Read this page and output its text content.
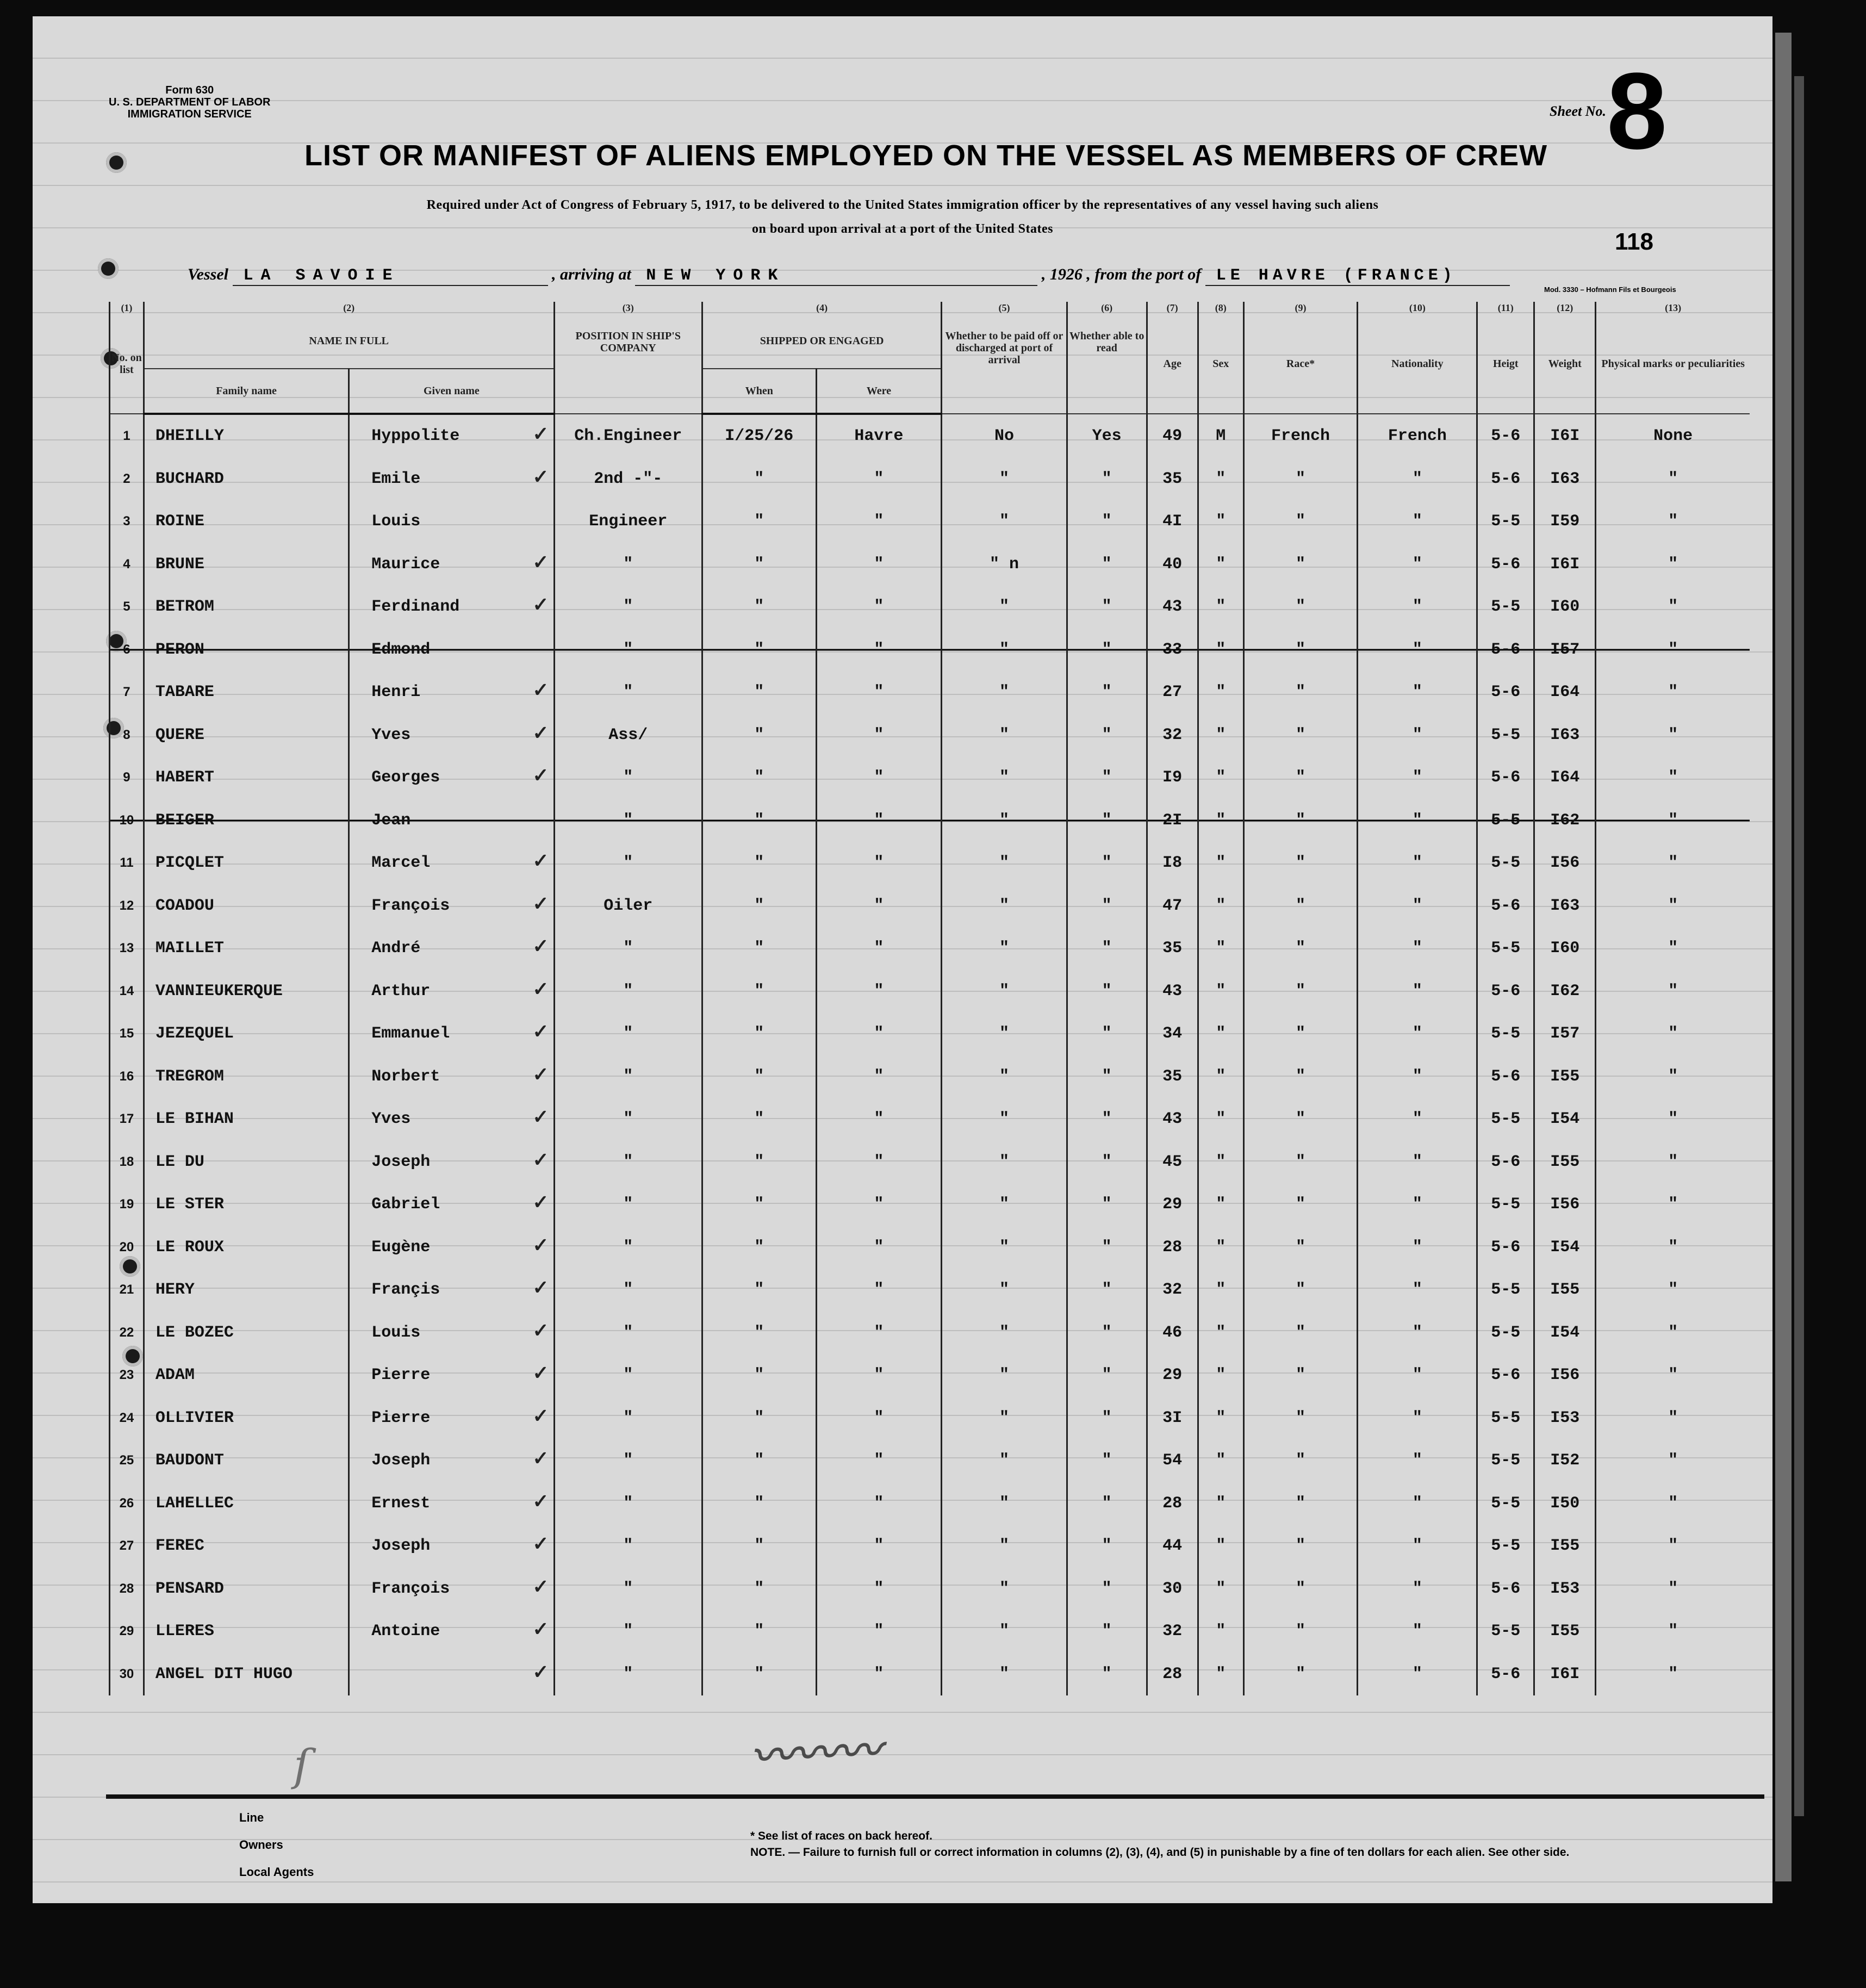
Form 630
U. S. DEPARTMENT OF LABOR
IMMIGRATION SERVICE	Sheet No. 8
LIST OR MANIFEST OF ALIENS EMPLOYED ON THE VESSEL AS MEMBERS OF CREW
Required under Act of Congress of February 5, 1917, to be delivered to the United States immigration officer by the representatives of any vessel having such aliens
on board upon arrival at a port of the United States	118
Vessel LA SAVOIE	, arriving at NEW YORK	, 1926 , from the port of LE HAVRE (FRANCE)
Mod. 3330 – Hofmann Fils et Bourgeois
(1)	(2)		(3)	(4)		(5)	(6)	(7)	(8)	(9)	(10)	(11)	(12)	(13)
No. on list	NAME IN FULL		POSITION IN SHIP'S COMPANY	SHIPPED OR ENGAGED		Whether to be paid off or discharged at port of arrival	Whether able to read	Age	Sex	Race*	Nationality	Heigt	Weight	Physical marks or peculiarities
	Family name	Given name		When	Were									
1	DHEILLY	Hyppolite ✓	Ch.Engineer	I/25/26	Havre	No	Yes	49	M	French	French	5-6	I6I	None
2	BUCHARD	Emile ✓	2nd -"-	"	"	"	"	35	"	"	"	5-6	I63	"
3	ROINE	Louis	Engineer	"	"	"	"	4I	"	"	"	5-5	I59	"
4	BRUNE	Maurice ✓	"	"	"	" n	"	40	"	"	"	5-6	I6I	"
5	BETROM	Ferdinand ✓	"	"	"	"	"	43	"	"	"	5-5	I60	"
6	PERON	Edmond	"	"	"	"	"	33	"	"	"	5-6	I57	"
7	TABARE	Henri ✓	"	"	"	"	"	27	"	"	"	5-6	I64	"
8	QUERE	Yves ✓	Ass/	"	"	"	"	32	"	"	"	5-5	I63	"
9	HABERT	Georges ✓	"	"	"	"	"	I9	"	"	"	5-6	I64	"
10	BEIGER	Jean	"	"	"	"	"	2I	"	"	"	5-5	I62	"
11	PICQLET	Marcel ✓	"	"	"	"	"	I8	"	"	"	5-5	I56	"
12	COADOU	François ✓	Oiler	"	"	"	"	47	"	"	"	5-6	I63	"
13	MAILLET	André ✓	"	"	"	"	"	35	"	"	"	5-5	I60	"
14	VANNIEUKERQUE	Arthur ✓	"	"	"	"	"	43	"	"	"	5-6	I62	"
15	JEZEQUEL	Emmanuel ✓	"	"	"	"	"	34	"	"	"	5-5	I57	"
16	TREGROM	Norbert ✓	"	"	"	"	"	35	"	"	"	5-6	I55	"
17	LE BIHAN	Yves ✓	"	"	"	"	"	43	"	"	"	5-5	I54	"
18	LE DU	Joseph ✓	"	"	"	"	"	45	"	"	"	5-6	I55	"
19	LE STER	Gabriel ✓	"	"	"	"	"	29	"	"	"	5-5	I56	"
20	LE ROUX	Eugène ✓	"	"	"	"	"	28	"	"	"	5-6	I54	"
21	HERY	Françis ✓	"	"	"	"	"	32	"	"	"	5-5	I55	"
22	LE BOZEC	Louis ✓	"	"	"	"	"	46	"	"	"	5-5	I54	"
23	ADAM	Pierre ✓	"	"	"	"	"	29	"	"	"	5-6	I56	"
24	OLLIVIER	Pierre ✓	"	"	"	"	"	3I	"	"	"	5-5	I53	"
25	BAUDONT	Joseph ✓	"	"	"	"	"	54	"	"	"	5-5	I52	"
26	LAHELLEC	Ernest ✓	"	"	"	"	"	28	"	"	"	5-5	I50	"
27	FEREC	Joseph ✓	"	"	"	"	"	44	"	"	"	5-5	I55	"
28	PENSARD	François ✓	"	"	"	"	"	30	"	"	"	5-6	I53	"
29	LLERES	Antoine ✓	"	"	"	"	"	32	"	"	"	5-5	I55	"
30	ANGEL DIT HUGO	✓	"	"	"	"	"	28	"	"	"	5-6	I6I	"
ſ	〰〰〰
Line
Owners
Local Agents
* See list of races on back hereof.
NOTE. — Failure to furnish full or correct information in columns (2), (3), (4), and (5) in punishable by a fine of ten dollars for each alien. See other side.
